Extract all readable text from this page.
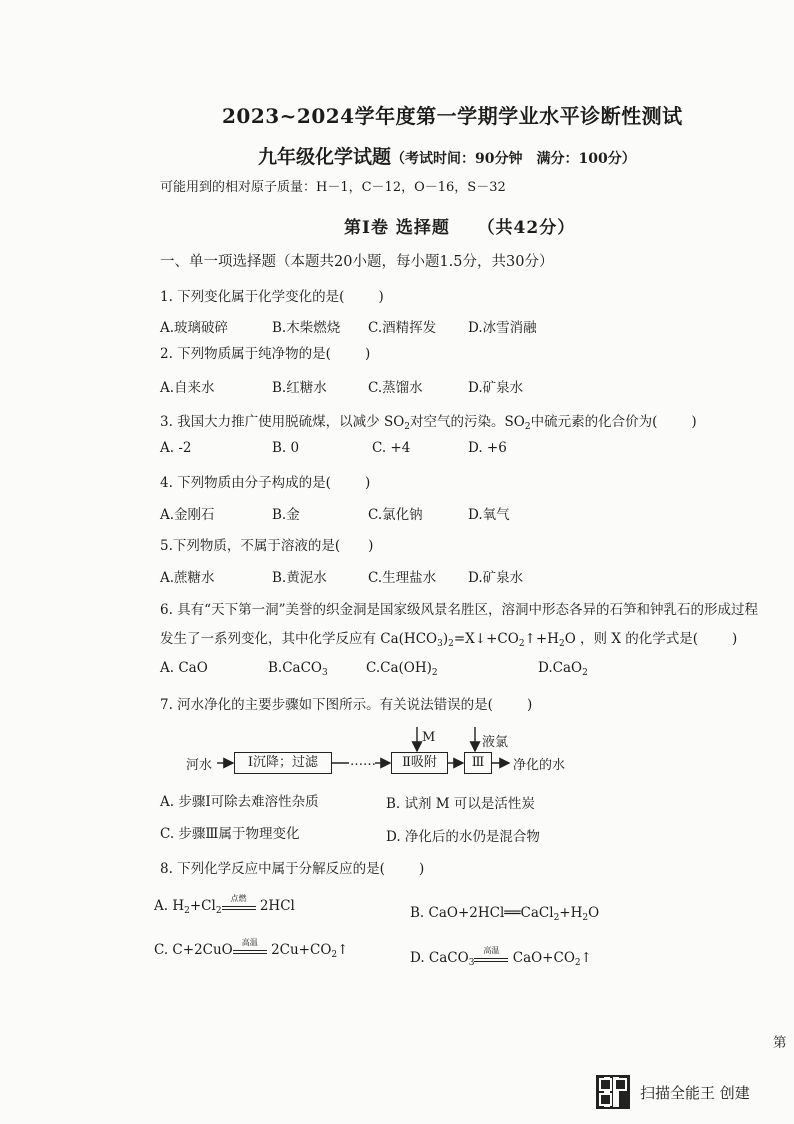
2023~2024学年度第一学期学业水平诊断性测试
九年级化学试题（考试时间：90分钟　满分：100分）
可能用到的相对原子质量：H－1，C－12，O－16，S－32
第Ⅰ卷 选择题 （共42分）
一、单一项选择题（本题共20小题，每小题1.5分，共30分）
1. 下列变化属于化学变化的是(	)
A.玻璃破碎	B.木柴燃烧 C.酒精挥发 D.冰雪消融
2. 下列物质属于纯净物的是(	)
A.自来水	B.红糖水	C.蒸馏水	D.矿泉水
3. 我国大力推广使用脱硫煤，以减少 $SO_2$对空气的污染。$SO_2$中硫元素的化合价为(	)
A. -2	B. 0	C. +4	D. +6
4. 下列物质由分子构成的是(	)
A.金刚石	B.金	C.氯化钠	D.氧气
5.下列物质，不属于溶液的是( )
A.蔗糖水	B.黄泥水	C.生理盐水 D.矿泉水
6. 具有“天下第一洞”美誉的织金洞是国家级风景名胜区，溶洞中形态各异的石笋和钟乳石的形成过程
发生了一系列变化，其中化学反应有 $Ca(HCO_3)_2=X↓+CO_2↑+H_2O$ ，则 X 的化学式是(	)
A. CaO	B.CaCO$_3$	$C.Ca(OH)_2$	D.CaO$_2$
7. 河水净化的主要步骤如下图所示。有关说法错误的是(	)
河水	Ⅰ沉降；过滤	……	Ⅱ吸附	Ⅲ
M	液氯
净化的水
A. 步骤Ⅰ可除去难溶性杂质	B. 试剂 M 可以是活性炭
C. 步骤Ⅲ属于物理变化	D. 净化后的水仍是混合物
8. 下列化学反应中属于分解反应的是(	)
A. $H_2+Cl_2$
点燃 2HCl	B. $CaO+2HCl══CaCl_2+H_2O$
C. C+2CuO	高温 $2Cu+CO_2↑$	D. CaCO$_3$
高温 $CaO+CO_2↑$
第
扫描全能王 创建
